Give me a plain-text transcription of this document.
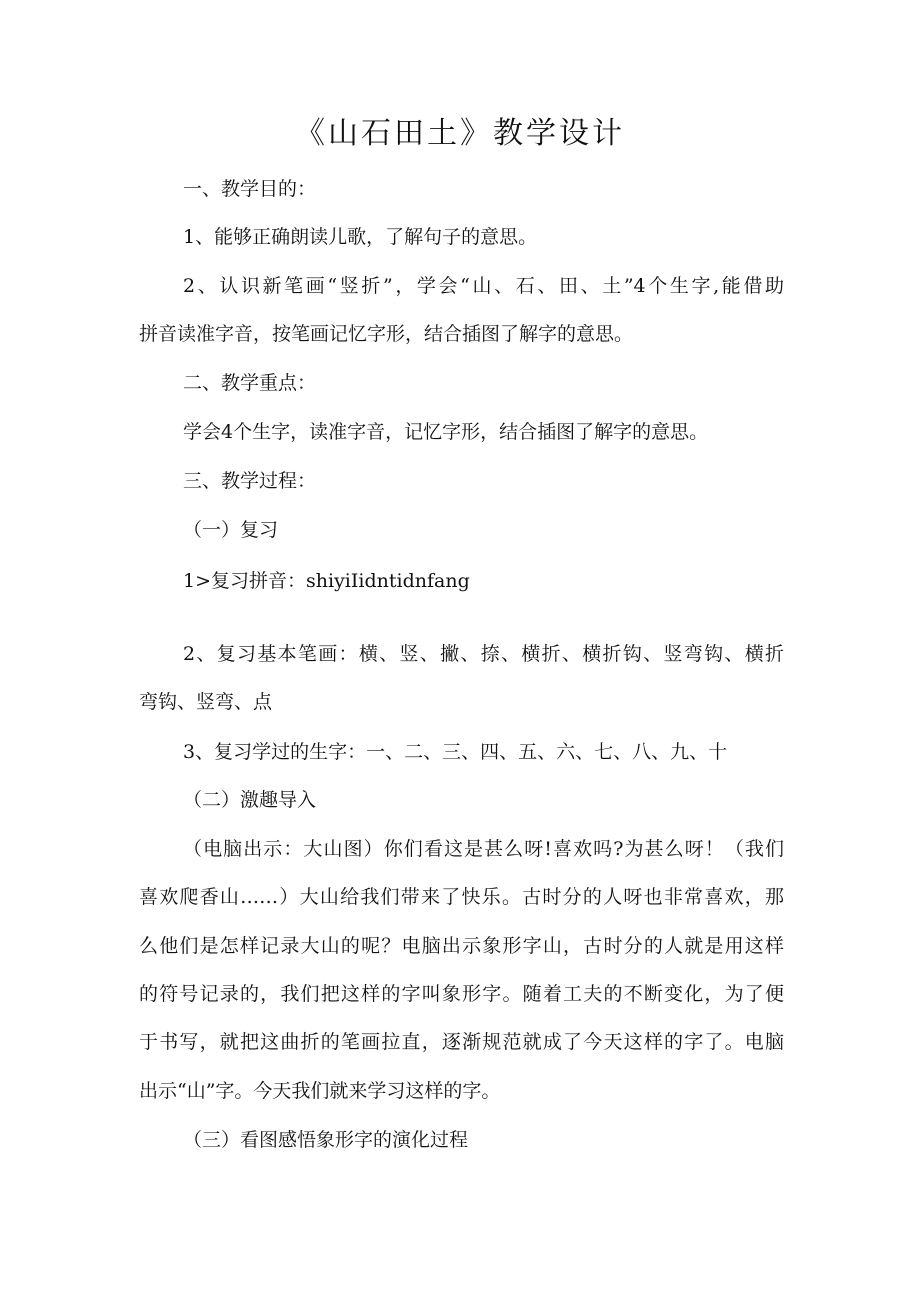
《山石田土》教学设计

一、教学目的：

1、能够正确朗读儿歌，了解句子的意思。

2、认识新笔画“竖折”，学会“山、石、田、土”4个生字,能借助

拼音读准字音，按笔画记忆字形，结合插图了解字的意思。

二、教学重点：

学会4个生字，读准字音，记忆字形，结合插图了解字的意思。

三、教学过程：

（一）复习

1>复习拼音：shiyiIidntidnfang

2、复习基本笔画：横、竖、撇、捺、横折、横折钩、竖弯钩、横折

弯钩、竖弯、点

3、复习学过的生字：一、二、三、四、五、六、七、八、九、十

（二）激趣导入

（电脑出示：大山图）你们看这是甚么呀!喜欢吗?为甚么呀！（我们

喜欢爬香山……）大山给我们带来了快乐。古时分的人呀也非常喜欢，那

么他们是怎样记录大山的呢？电脑出示象形字山，古时分的人就是用这样

的符号记录的，我们把这样的字叫象形字。随着工夫的不断变化，为了便

于书写，就把这曲折的笔画拉直，逐渐规范就成了今天这样的字了。电脑

出示“山”字。今天我们就来学习这样的字。

（三）看图感悟象形字的演化过程
